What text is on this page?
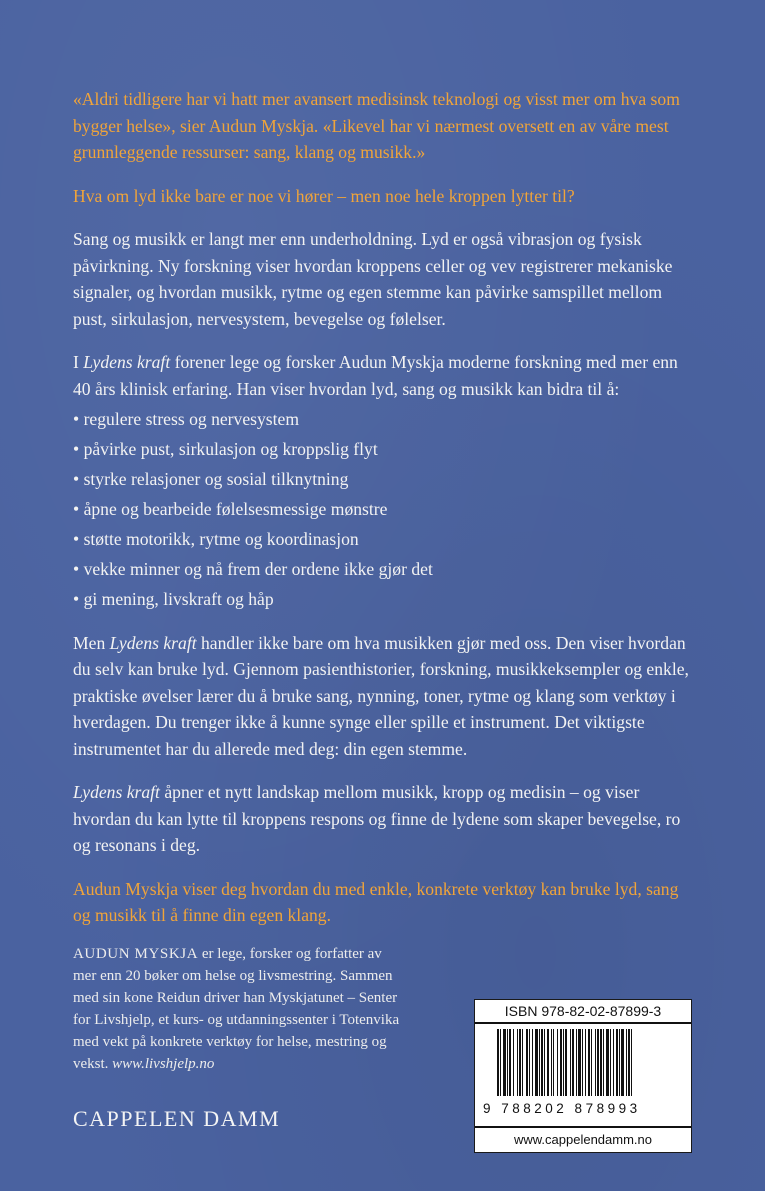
«Aldri tidligere har vi hatt mer avansert medisinsk teknologi og visst mer om hva som bygger helse», sier Audun Myskja. «Likevel har vi nærmest oversett en av våre mest grunnleggende ressurser: sang, klang og musikk.»

Hva om lyd ikke bare er noe vi hører – men noe hele kroppen lytter til?

Sang og musikk er langt mer enn underholdning. Lyd er også vibrasjon og fysisk påvirkning. Ny forskning viser hvordan kroppens celler og vev registrerer mekaniske signaler, og hvordan musikk, rytme og egen stemme kan påvirke samspillet mellom pust, sirkulasjon, nervesystem, bevegelse og følelser.

I Lydens kraft forener lege og forsker Audun Myskja moderne forskning med mer enn 40 års klinisk erfaring. Han viser hvordan lyd, sang og musikk kan bidra til å:

• regulere stress og nervesystem
• påvirke pust, sirkulasjon og kroppslig flyt
• styrke relasjoner og sosial tilknytning
• åpne og bearbeide følelsesmessige mønstre
• støtte motorikk, rytme og koordinasjon
• vekke minner og nå frem der ordene ikke gjør det
• gi mening, livskraft og håp

Men Lydens kraft handler ikke bare om hva musikken gjør med oss. Den viser hvordan du selv kan bruke lyd. Gjennom pasienthistorier, forskning, musikkeksempler og enkle, praktiske øvelser lærer du å bruke sang, nynning, toner, rytme og klang som verktøy i hverdagen. Du trenger ikke å kunne synge eller spille et instrument. Det viktigste instrumentet har du allerede med deg: din egen stemme.

Lydens kraft åpner et nytt landskap mellom musikk, kropp og medisin – og viser hvordan du kan lytte til kroppens respons og finne de lydene som skaper bevegelse, ro og resonans i deg.

Audun Myskja viser deg hvordan du med enkle, konkrete verktøy kan bruke lyd, sang og musikk til å finne din egen klang.

AUDUN MYSKJA er lege, forsker og forfatter av mer enn 20 bøker om helse og livsmestring. Sammen med sin kone Reidun driver han Myskjatunet – Senter for Livshjelp, et kurs- og utdanningssenter i Totenvika med vekt på konkrete verktøy for helse, mestring og vekst. www.livshjelp.no
CAPPELEN DAMM
ISBN 978-82-02-87899-3
9 788202 878993
www.cappelendamm.no
